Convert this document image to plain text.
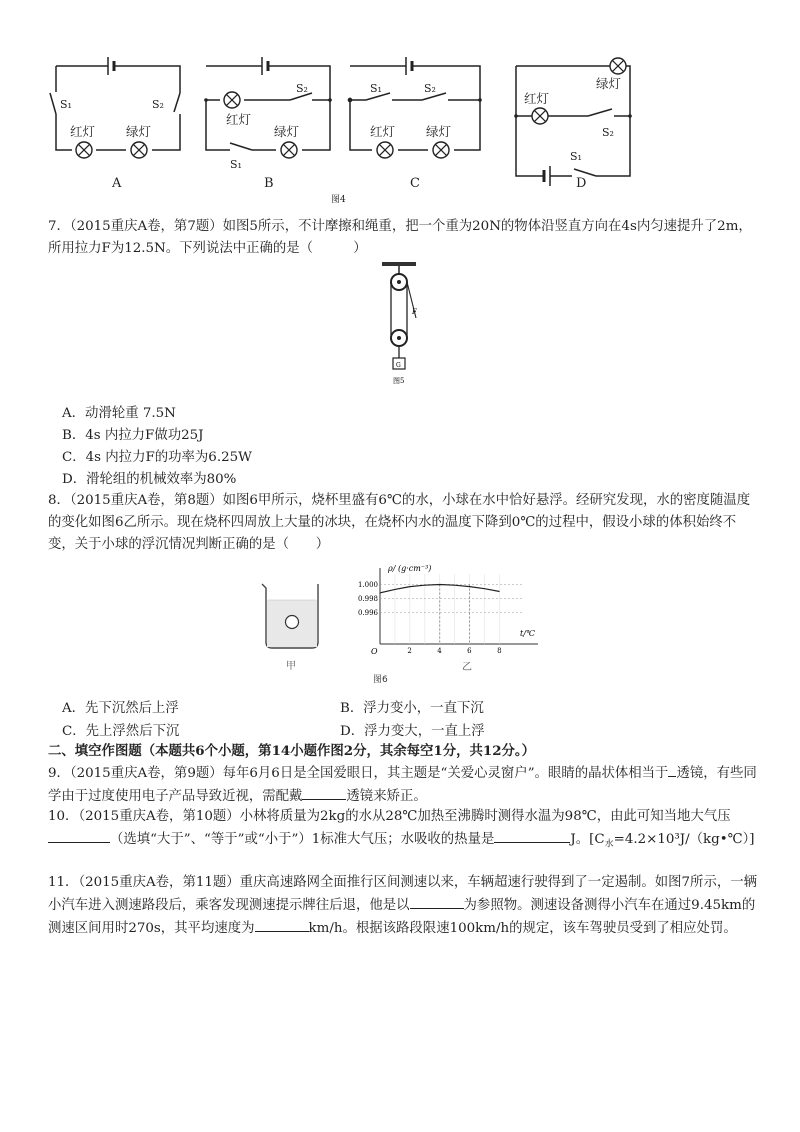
S₁	S₂
红灯 绿灯
A
S₂
红灯
绿灯
S₁
B
S₁	S₂
红灯 绿灯
C
绿灯
红灯
S₂
S₁
D
图4
7．（2015重庆A卷，第7题）如图5所示，不计摩擦和绳重，把一个重为20N的物体沿竖直方向在4s内匀速提升了2m，所用拉力F为12.5N。下列说法中正确的是（　　　）
F
G
图5
A．动滑轮重 7.5N
B．4s 内拉力F做功25J
C．4s 内拉力F的功率为6.25W
D．滑轮组的机械效率为80%
8．（2015重庆A卷，第8题）如图6甲所示，烧杯里盛有6℃的水，小球在水中恰好悬浮。经研究发现，水的密度随温度的变化如图6乙所示。现在烧杯四周放上大量的冰块，在烧杯内水的温度下降到0℃的过程中，假设小球的体积始终不变，关于小球的浮沉情况判断正确的是（　　）
甲
ρ/ (g·cm⁻³)
t/℃
O	2	4	6	8
1.000
0.998
0.996
乙
图6
A．先下沉然后上浮	B．浮力变小，一直下沉
C．先上浮然后下沉	D．浮力变大，一直上浮
二、填空作图题（本题共6个小题，第14小题作图2分，其余每空1分，共12分。）
9．（2015重庆A卷，第9题）每年6月6日是全国爱眼日，其主题是“关爱心灵窗户”。眼睛的晶状体相当于 透镜，有些同学由于过度使用电子产品导致近视，需配戴	透镜来矫正。
10．（2015重庆A卷，第10题）小林将质量为2kg的水从28℃加热至沸腾时测得水温为98℃，由此可知当地大气压（选填“大于”、“等于”或“小于”）1标准大气压；水吸收的热量是	J。$[C_水=4.2\times 10^3J/(kg•℃)]$
11．（2015重庆A卷，第11题）重庆高速路网全面推行区间测速以来，车辆超速行驶得到了一定遏制。如图7所示，一辆小汽车进入测速路段后，乘客发现测速提示牌往后退，他是以	为参照物。测速设备测得小汽车在通过9.45km的测速区间用时270s，其平均速度为	km/h。根据该路段限速100km/h的规定，该车驾驶员受到了相应处罚。
